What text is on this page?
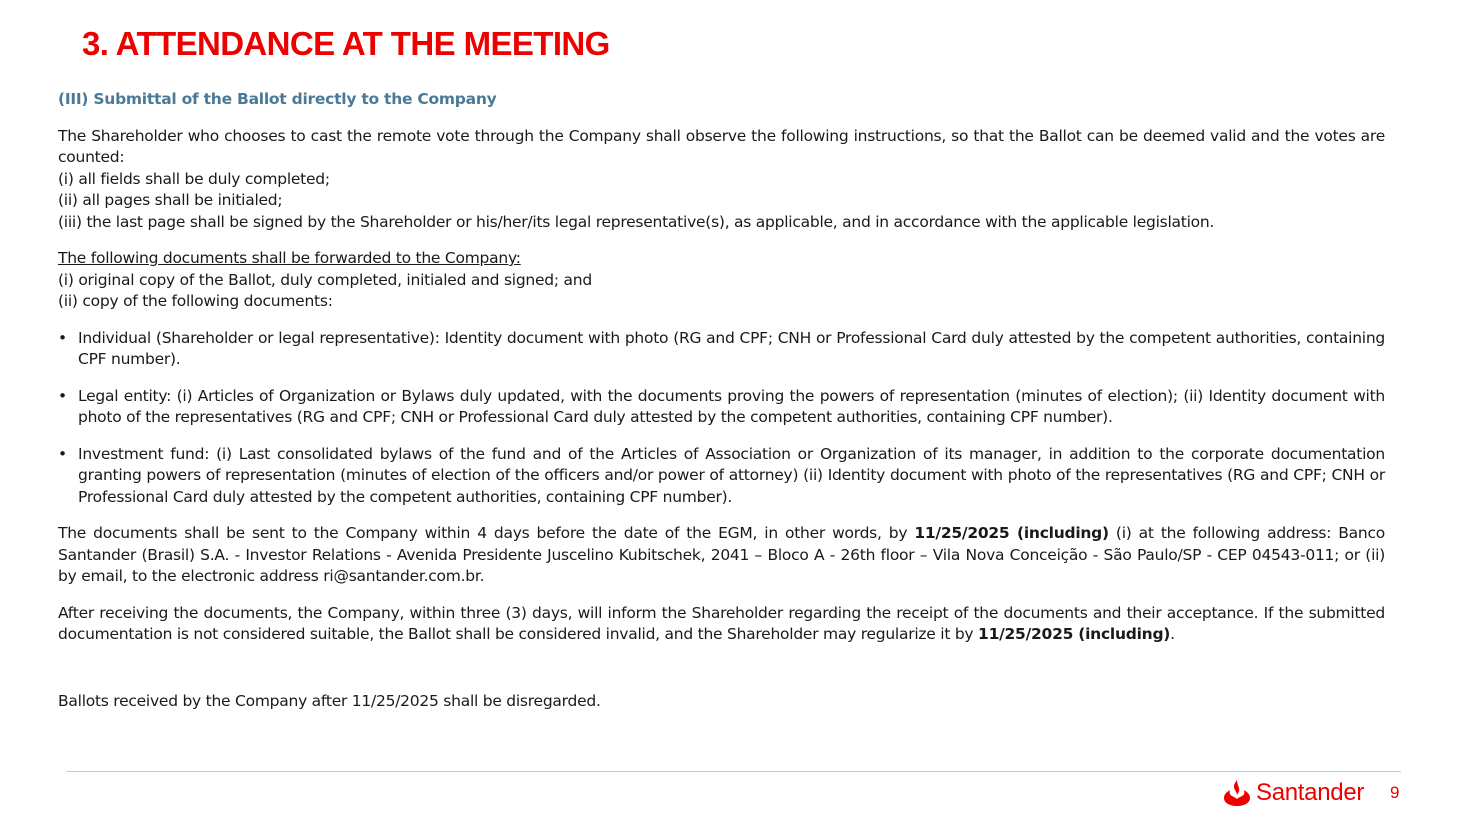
3. ATTENDANCE AT THE MEETING

(III) Submittal of the Ballot directly to the Company

The Shareholder who chooses to cast the remote vote through the Company shall observe the following instructions, so that the Ballot can be deemed valid and the votes are counted:

(i) all fields shall be duly completed;

(ii) all pages shall be initialed;

(iii) the last page shall be signed by the Shareholder or his/her/its legal representative(s), as applicable, and in accordance with the applicable legislation.

The following documents shall be forwarded to the Company:

(i) original copy of the Ballot, duly completed, initialed and signed; and

(ii) copy of the following documents:

• Individual (Shareholder or legal representative): Identity document with photo (RG and CPF; CNH or Professional Card duly attested by the competent authorities, containing CPF number).
• Legal entity: (i) Articles of Organization or Bylaws duly updated, with the documents proving the powers of representation (minutes of election); (ii) Identity document with photo of the representatives (RG and CPF; CNH or Professional Card duly attested by the competent authorities, containing CPF number).
• Investment fund: (i) Last consolidated bylaws of the fund and of the Articles of Association or Organization of its manager, in addition to the corporate documentation granting powers of representation (minutes of election of the officers and/or power of attorney) (ii) Identity document with photo of the representatives (RG and CPF; CNH or Professional Card duly attested by the competent authorities, containing CPF number).

The documents shall be sent to the Company within 4 days before the date of the EGM, in other words, by 11/25/2025 (including) (i) at the following address: Banco Santander (Brasil) S.A. - Investor Relations - Avenida Presidente Juscelino Kubitschek, 2041 – Bloco A - 26th floor – Vila Nova Conceição - São Paulo/SP - CEP 04543-011; or (ii) by email, to the electronic address ri@santander.com.br.

After receiving the documents, the Company, within three (3) days, will inform the Shareholder regarding the receipt of the documents and their acceptance. If the submitted documentation is not considered suitable, the Ballot shall be considered invalid, and the Shareholder may regularize it by 11/25/2025 (including).

Ballots received by the Company after 11/25/2025 shall be disregarded.

Santander 9
